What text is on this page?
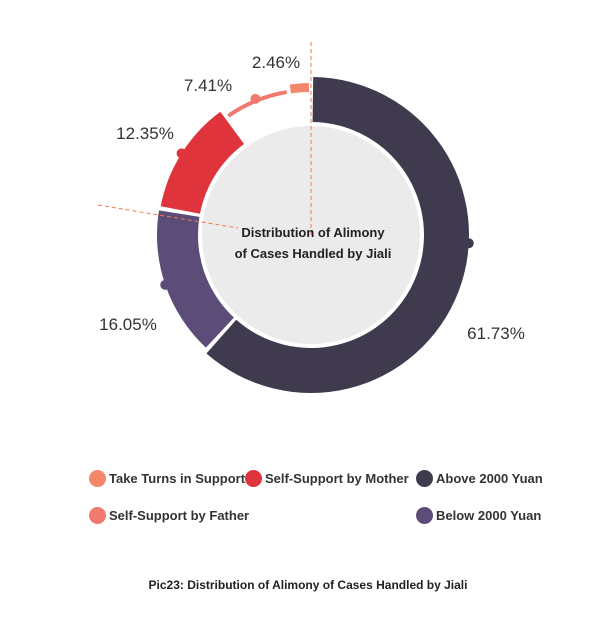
Distribution of Alimony
of Cases Handled by Jiali
61.73%
16.05%
12.35%
7.41%
2.46%
Take Turns in Support Self-Support by Mother Above 2000 Yuan
Self-Support by Father	Below 2000 Yuan
Pic23: Distribution of Alimony of Cases Handled by Jiali
